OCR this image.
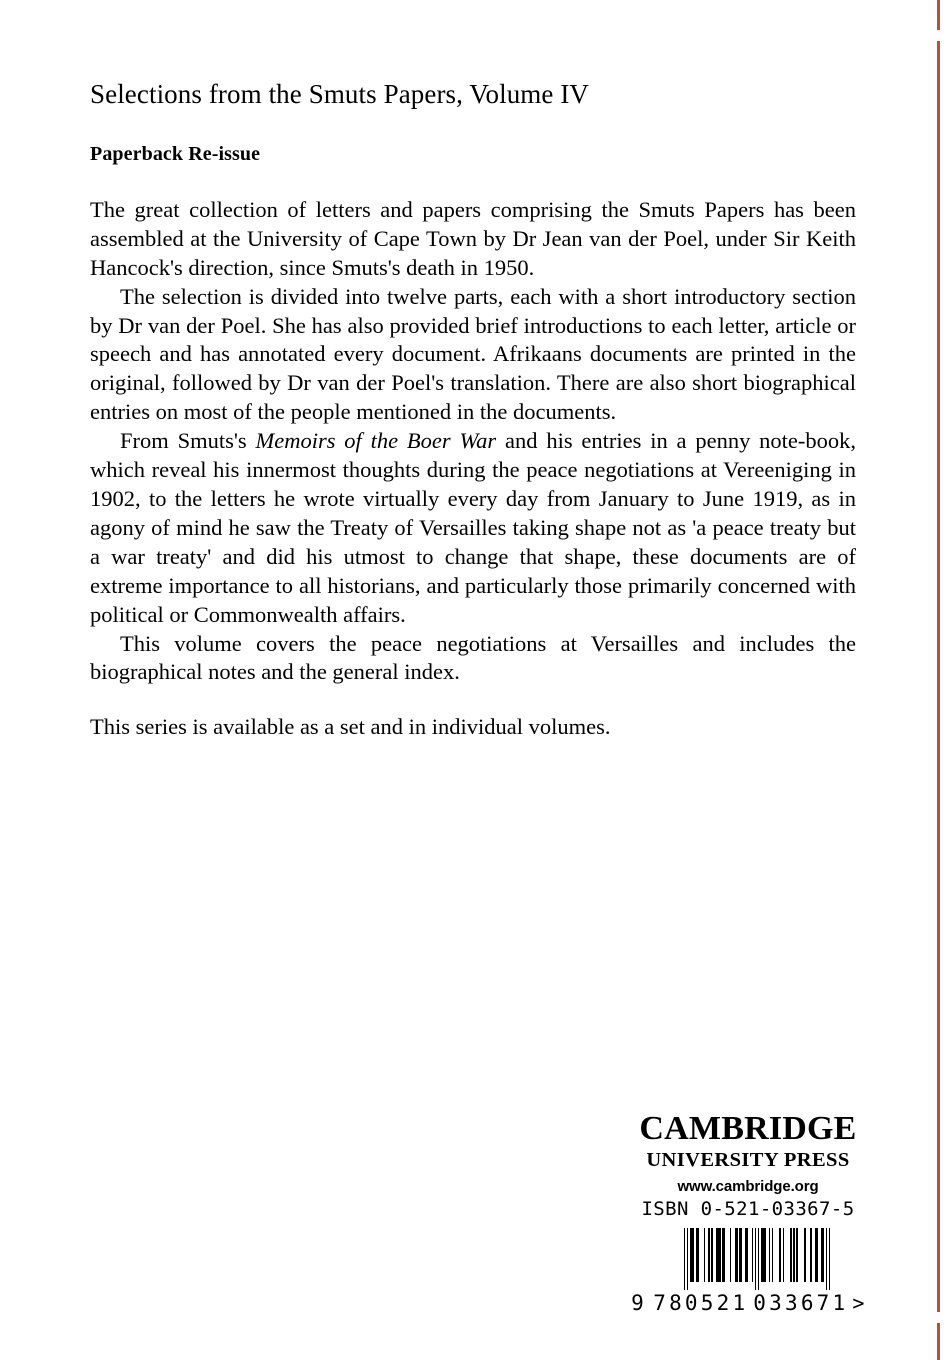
Selections from the Smuts Papers, Volume IV
Paperback Re-issue

The great collection of letters and papers comprising the Smuts Papers has been assembled at the University of Cape Town by Dr Jean van der Poel, under Sir Keith Hancock's direction, since Smuts's death in 1950.

The selection is divided into twelve parts, each with a short introductory section by Dr van der Poel. She has also provided brief introductions to each letter, article or speech and has annotated every document. Afrikaans documents are printed in the original, followed by Dr van der Poel's translation. There are also short biographical entries on most of the people mentioned in the documents.

From Smuts's Memoirs of the Boer War and his entries in a penny note-book, which reveal his innermost thoughts during the peace negotiations at Vereeniging in 1902, to the letters he wrote virtually every day from January to June 1919, as in agony of mind he saw the Treaty of Versailles taking shape not as 'a peace treaty but a war treaty' and did his utmost to change that shape, these documents are of extreme importance to all historians, and particularly those primarily concerned with political or Commonwealth affairs.

This volume covers the peace negotiations at Versailles and includes the biographical notes and the general index.

This series is available as a set and in individual volumes.

CAMBRIDGE
UNIVERSITY PRESS
www.cambridge.org
ISBN 0-521-03367-5
9 780521 033671 >
